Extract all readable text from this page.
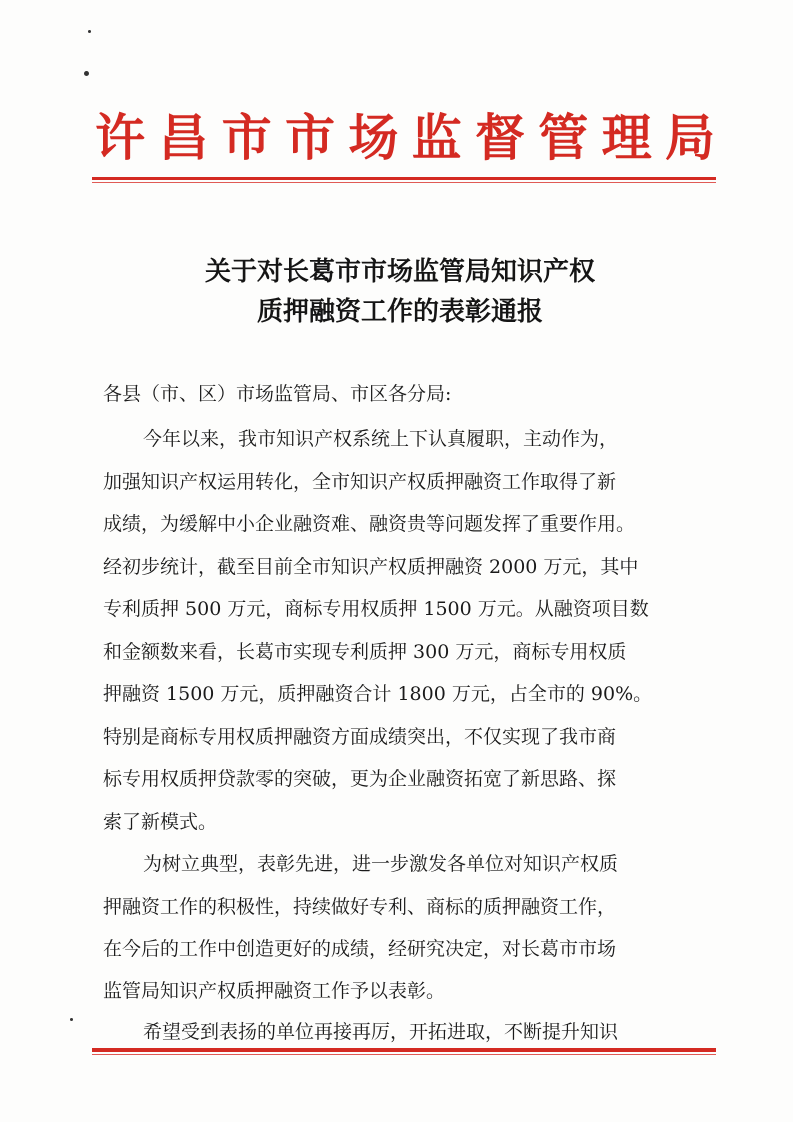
许 昌 市 市 场 监 督 管 理 局
关于对长葛市市场监管局知识产权
质押融资工作的表彰通报
各县（市、区）市场监管局、市区各分局:
今年以来，我市知识产权系统上下认真履职，主动作为，
加强知识产权运用转化，全市知识产权质押融资工作取得了新
成绩，为缓解中小企业融资难、融资贵等问题发挥了重要作用。
经初步统计，截至目前全市知识产权质押融资 2000 万元，其中
专利质押 500 万元，商标专用权质押 1500 万元。从融资项目数
和金额数来看，长葛市实现专利质押 300 万元，商标专用权质
押融资 1500 万元，质押融资合计 1800 万元，占全市的 90%。
特别是商标专用权质押融资方面成绩突出，不仅实现了我市商
标专用权质押贷款零的突破，更为企业融资拓宽了新思路、探
索了新模式。
为树立典型，表彰先进，进一步激发各单位对知识产权质
押融资工作的积极性，持续做好专利、商标的质押融资工作，
在今后的工作中创造更好的成绩，经研究决定，对长葛市市场
监管局知识产权质押融资工作予以表彰。
希望受到表扬的单位再接再厉，开拓进取，不断提升知识
